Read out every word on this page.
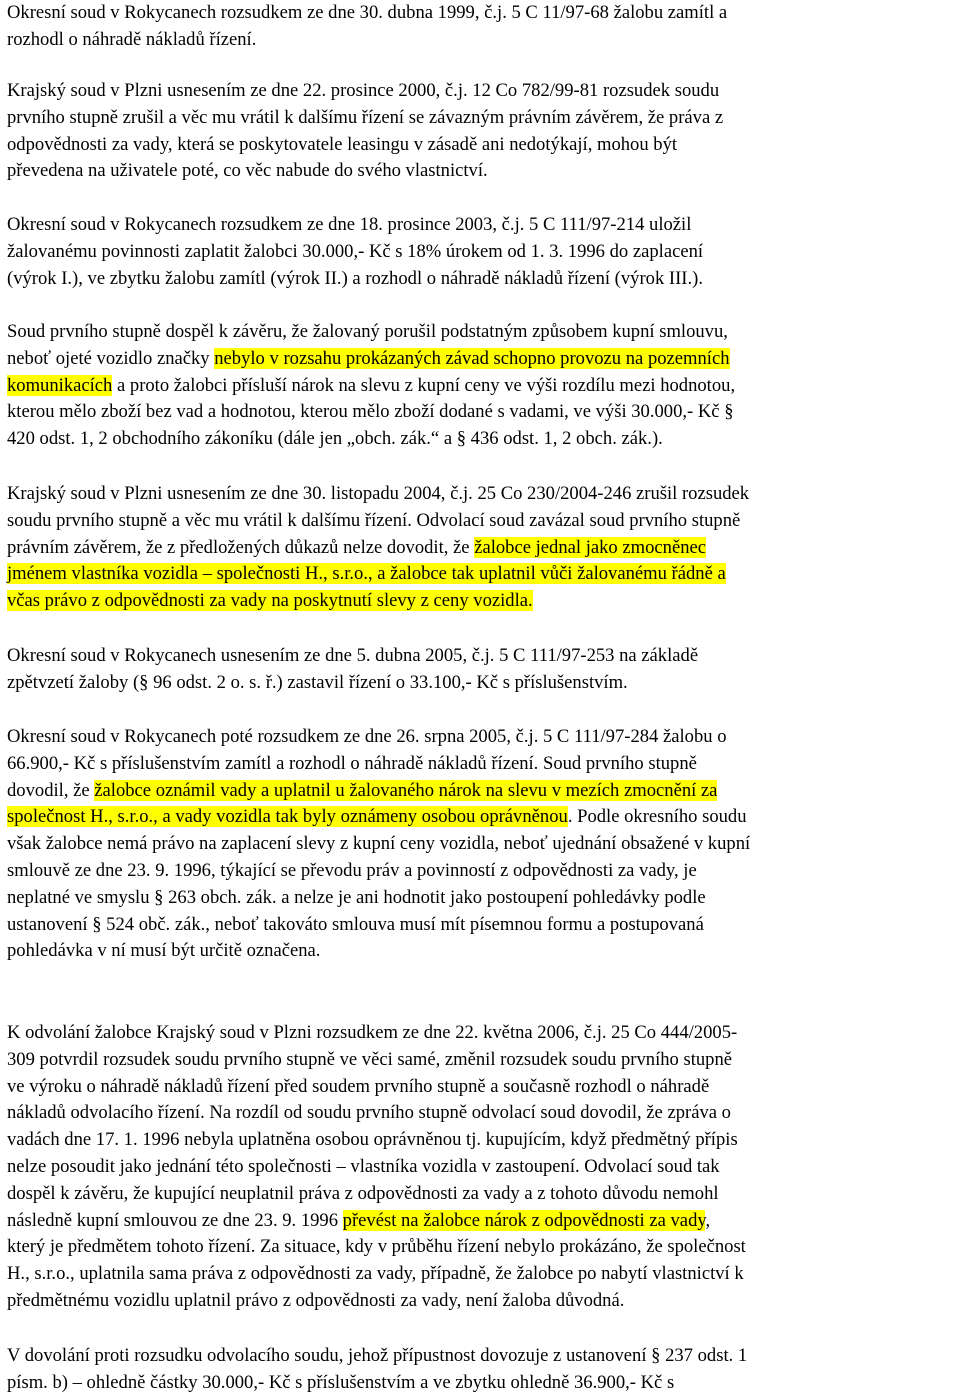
Okresní soud v Rokycanech rozsudkem ze dne 30. dubna 1999, č.j. 5 C 11/97-68 žalobu zamítl a
rozhodl o náhradě nákladů řízení.
Krajský soud v Plzni usnesením ze dne 22. prosince 2000, č.j. 12 Co 782/99-81 rozsudek soudu
prvního stupně zrušil a věc mu vrátil k dalšímu řízení se závazným právním závěrem, že práva z
odpovědnosti za vady, která se poskytovatele leasingu v zásadě ani nedotýkají, mohou být
převedena na uživatele poté, co věc nabude do svého vlastnictví.
Okresní soud v Rokycanech rozsudkem ze dne 18. prosince 2003, č.j. 5 C 111/97-214 uložil
žalovanému povinnosti zaplatit žalobci 30.000,- Kč s 18% úrokem od 1. 3. 1996 do zaplacení
(výrok I.), ve zbytku žalobu zamítl (výrok II.) a rozhodl o náhradě nákladů řízení (výrok III.).
Soud prvního stupně dospěl k závěru, že žalovaný porušil podstatným způsobem kupní smlouvu,
neboť ojeté vozidlo značky nebylo v rozsahu prokázaných závad schopno provozu na pozemních
komunikacích a proto žalobci přísluší nárok na slevu z kupní ceny ve výši rozdílu mezi hodnotou,
kterou mělo zboží bez vad a hodnotou, kterou mělo zboží dodané s vadami, ve výši 30.000,- Kč §
420 odst. 1, 2 obchodního zákoníku (dále jen „obch. zák.“ a § 436 odst. 1, 2 obch. zák.).
Krajský soud v Plzni usnesením ze dne 30. listopadu 2004, č.j. 25 Co 230/2004-246 zrušil rozsudek
soudu prvního stupně a věc mu vrátil k dalšímu řízení. Odvolací soud zavázal soud prvního stupně
právním závěrem, že z předložených důkazů nelze dovodit, že žalobce jednal jako zmocněnec
jménem vlastníka vozidla – společnosti H., s.r.o., a žalobce tak uplatnil vůči žalovanému řádně a
včas právo z odpovědnosti za vady na poskytnutí slevy z ceny vozidla.
Okresní soud v Rokycanech usnesením ze dne 5. dubna 2005, č.j. 5 C 111/97-253 na základě
zpětvzetí žaloby (§ 96 odst. 2 o. s. ř.) zastavil řízení o 33.100,- Kč s příslušenstvím.
Okresní soud v Rokycanech poté rozsudkem ze dne 26. srpna 2005, č.j. 5 C 111/97-284 žalobu o
66.900,- Kč s příslušenstvím zamítl a rozhodl o náhradě nákladů řízení. Soud prvního stupně
dovodil, že žalobce oznámil vady a uplatnil u žalovaného nárok na slevu v mezích zmocnění za
společnost H., s.r.o., a vady vozidla tak byly oznámeny osobou oprávněnou. Podle okresního soudu
však žalobce nemá právo na zaplacení slevy z kupní ceny vozidla, neboť ujednání obsažené v kupní
smlouvě ze dne 23. 9. 1996, týkající se převodu práv a povinností z odpovědnosti za vady, je
neplatné ve smyslu § 263 obch. zák. a nelze je ani hodnotit jako postoupení pohledávky podle
ustanovení § 524 obč. zák., neboť takováto smlouva musí mít písemnou formu a postupovaná
pohledávka v ní musí být určitě označena.
K odvolání žalobce Krajský soud v Plzni rozsudkem ze dne 22. května 2006, č.j. 25 Co 444/2005-
309 potvrdil rozsudek soudu prvního stupně ve věci samé, změnil rozsudek soudu prvního stupně
ve výroku o náhradě nákladů řízení před soudem prvního stupně a současně rozhodl o náhradě
nákladů odvolacího řízení. Na rozdíl od soudu prvního stupně odvolací soud dovodil, že zpráva o
vadách dne 17. 1. 1996 nebyla uplatněna osobou oprávněnou tj. kupujícím, když předmětný přípis
nelze posoudit jako jednání této společnosti – vlastníka vozidla v zastoupení. Odvolací soud tak
dospěl k závěru, že kupující neuplatnil práva z odpovědnosti za vady a z tohoto důvodu nemohl
následně kupní smlouvou ze dne 23. 9. 1996 převést na žalobce nárok z odpovědnosti za vady,
který je předmětem tohoto řízení. Za situace, kdy v průběhu řízení nebylo prokázáno, že společnost
H., s.r.o., uplatnila sama práva z odpovědnosti za vady, případně, že žalobce po nabytí vlastnictví k
předmětnému vozidlu uplatnil právo z odpovědnosti za vady, není žaloba důvodná.
V dovolání proti rozsudku odvolacího soudu, jehož přípustnost dovozuje z ustanovení § 237 odst. 1
písm. b) – ohledně částky 30.000,- Kč s příslušenstvím a ve zbytku ohledně 36.900,- Kč s
